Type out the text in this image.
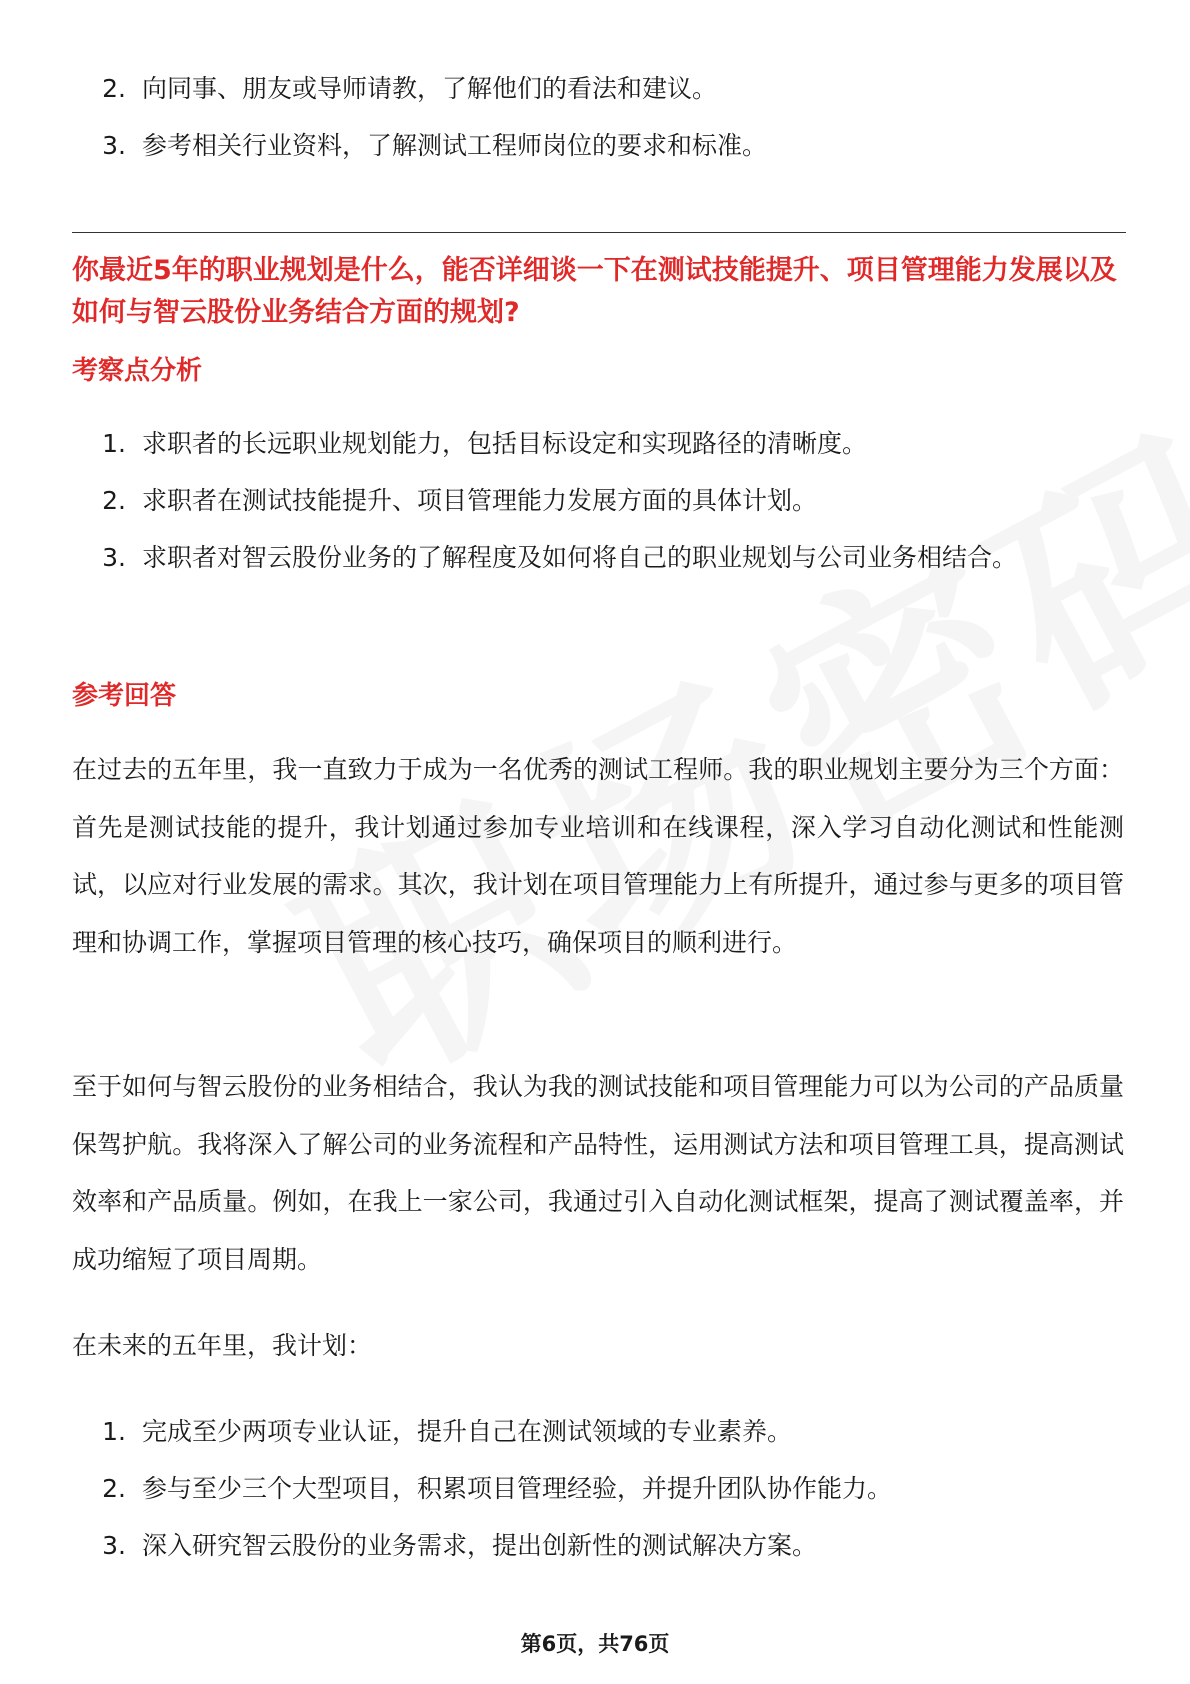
2. 向同事、朋友或导师请教，了解他们的看法和建议。
3. 参考相关行业资料，了解测试工程师岗位的要求和标准。
你最近5年的职业规划是什么，能否详细谈一下在测试技能提升、项目管理能力发展以及如何与智云股份业务结合方面的规划?
考察点分析
1. 求职者的长远职业规划能力，包括目标设定和实现路径的清晰度。
2. 求职者在测试技能提升、项目管理能力发展方面的具体计划。
3. 求职者对智云股份业务的了解程度及如何将自己的职业规划与公司业务相结合。
参考回答

在过去的五年里，我一直致力于成为一名优秀的测试工程师。我的职业规划主要分为三个方面：首先是测试技能的提升，我计划通过参加专业培训和在线课程，深入学习自动化测试和性能测试，以应对行业发展的需求。其次，我计划在项目管理能力上有所提升，通过参与更多的项目管理和协调工作，掌握项目管理的核心技巧，确保项目的顺利进行。

至于如何与智云股份的业务相结合，我认为我的测试技能和项目管理能力可以为公司的产品质量保驾护航。我将深入了解公司的业务流程和产品特性，运用测试方法和项目管理工具，提高测试效率和产品质量。例如，在我上一家公司，我通过引入自动化测试框架，提高了测试覆盖率，并成功缩短了项目周期。

在未来的五年里，我计划：

1. 完成至少两项专业认证，提升自己在测试领域的专业素养。
2. 参与至少三个大型项目，积累项目管理经验，并提升团队协作能力。
3. 深入研究智云股份的业务需求，提出创新性的测试解决方案。
第6页，共76页
